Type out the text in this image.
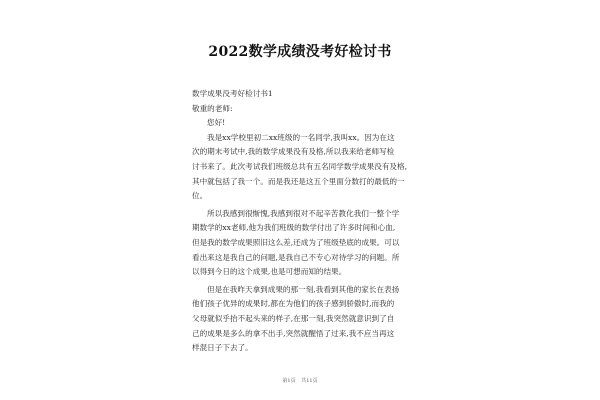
2022数学成绩没考好检讨书
数学成果没考好检讨书1
敬重的老师:
您好!
我是xx学校里初二xx班级的一名同学,我叫xx。因为在这
次的期末考试中,我的数学成果没有及格,所以我来给老师写检
讨书来了。此次考试我们班级总共有五名同学数学成果没有及格,
其中就包括了我一个。而是我还是这五个里面分数打的最低的一
位。
所以我感到很惭愧,我感到很对不起辛苦教化我们一整个学
期数学的xx老师,他为我们班级的数学付出了许多时间和心血,
但是我的数学成果照旧这么差,还成为了班级垫底的成果。可以
看出来这是我自己的问题,是我自己不专心对待学习的问题。所
以得到今日的这个成果,也是可想而知的结果。
但是在我昨天拿到成果的那一刻,我看到其他的家长在表扬
他们孩子优异的成果时,都在为他们的孩子感到骄傲时,而我的
父母就似乎抬不起头来的样子,在那一刻,我突然就意识到了自
己的成果是多么的拿不出手,突然就醒悟了过来,我不应当再这
样混日子下去了。
第1页 共11页
